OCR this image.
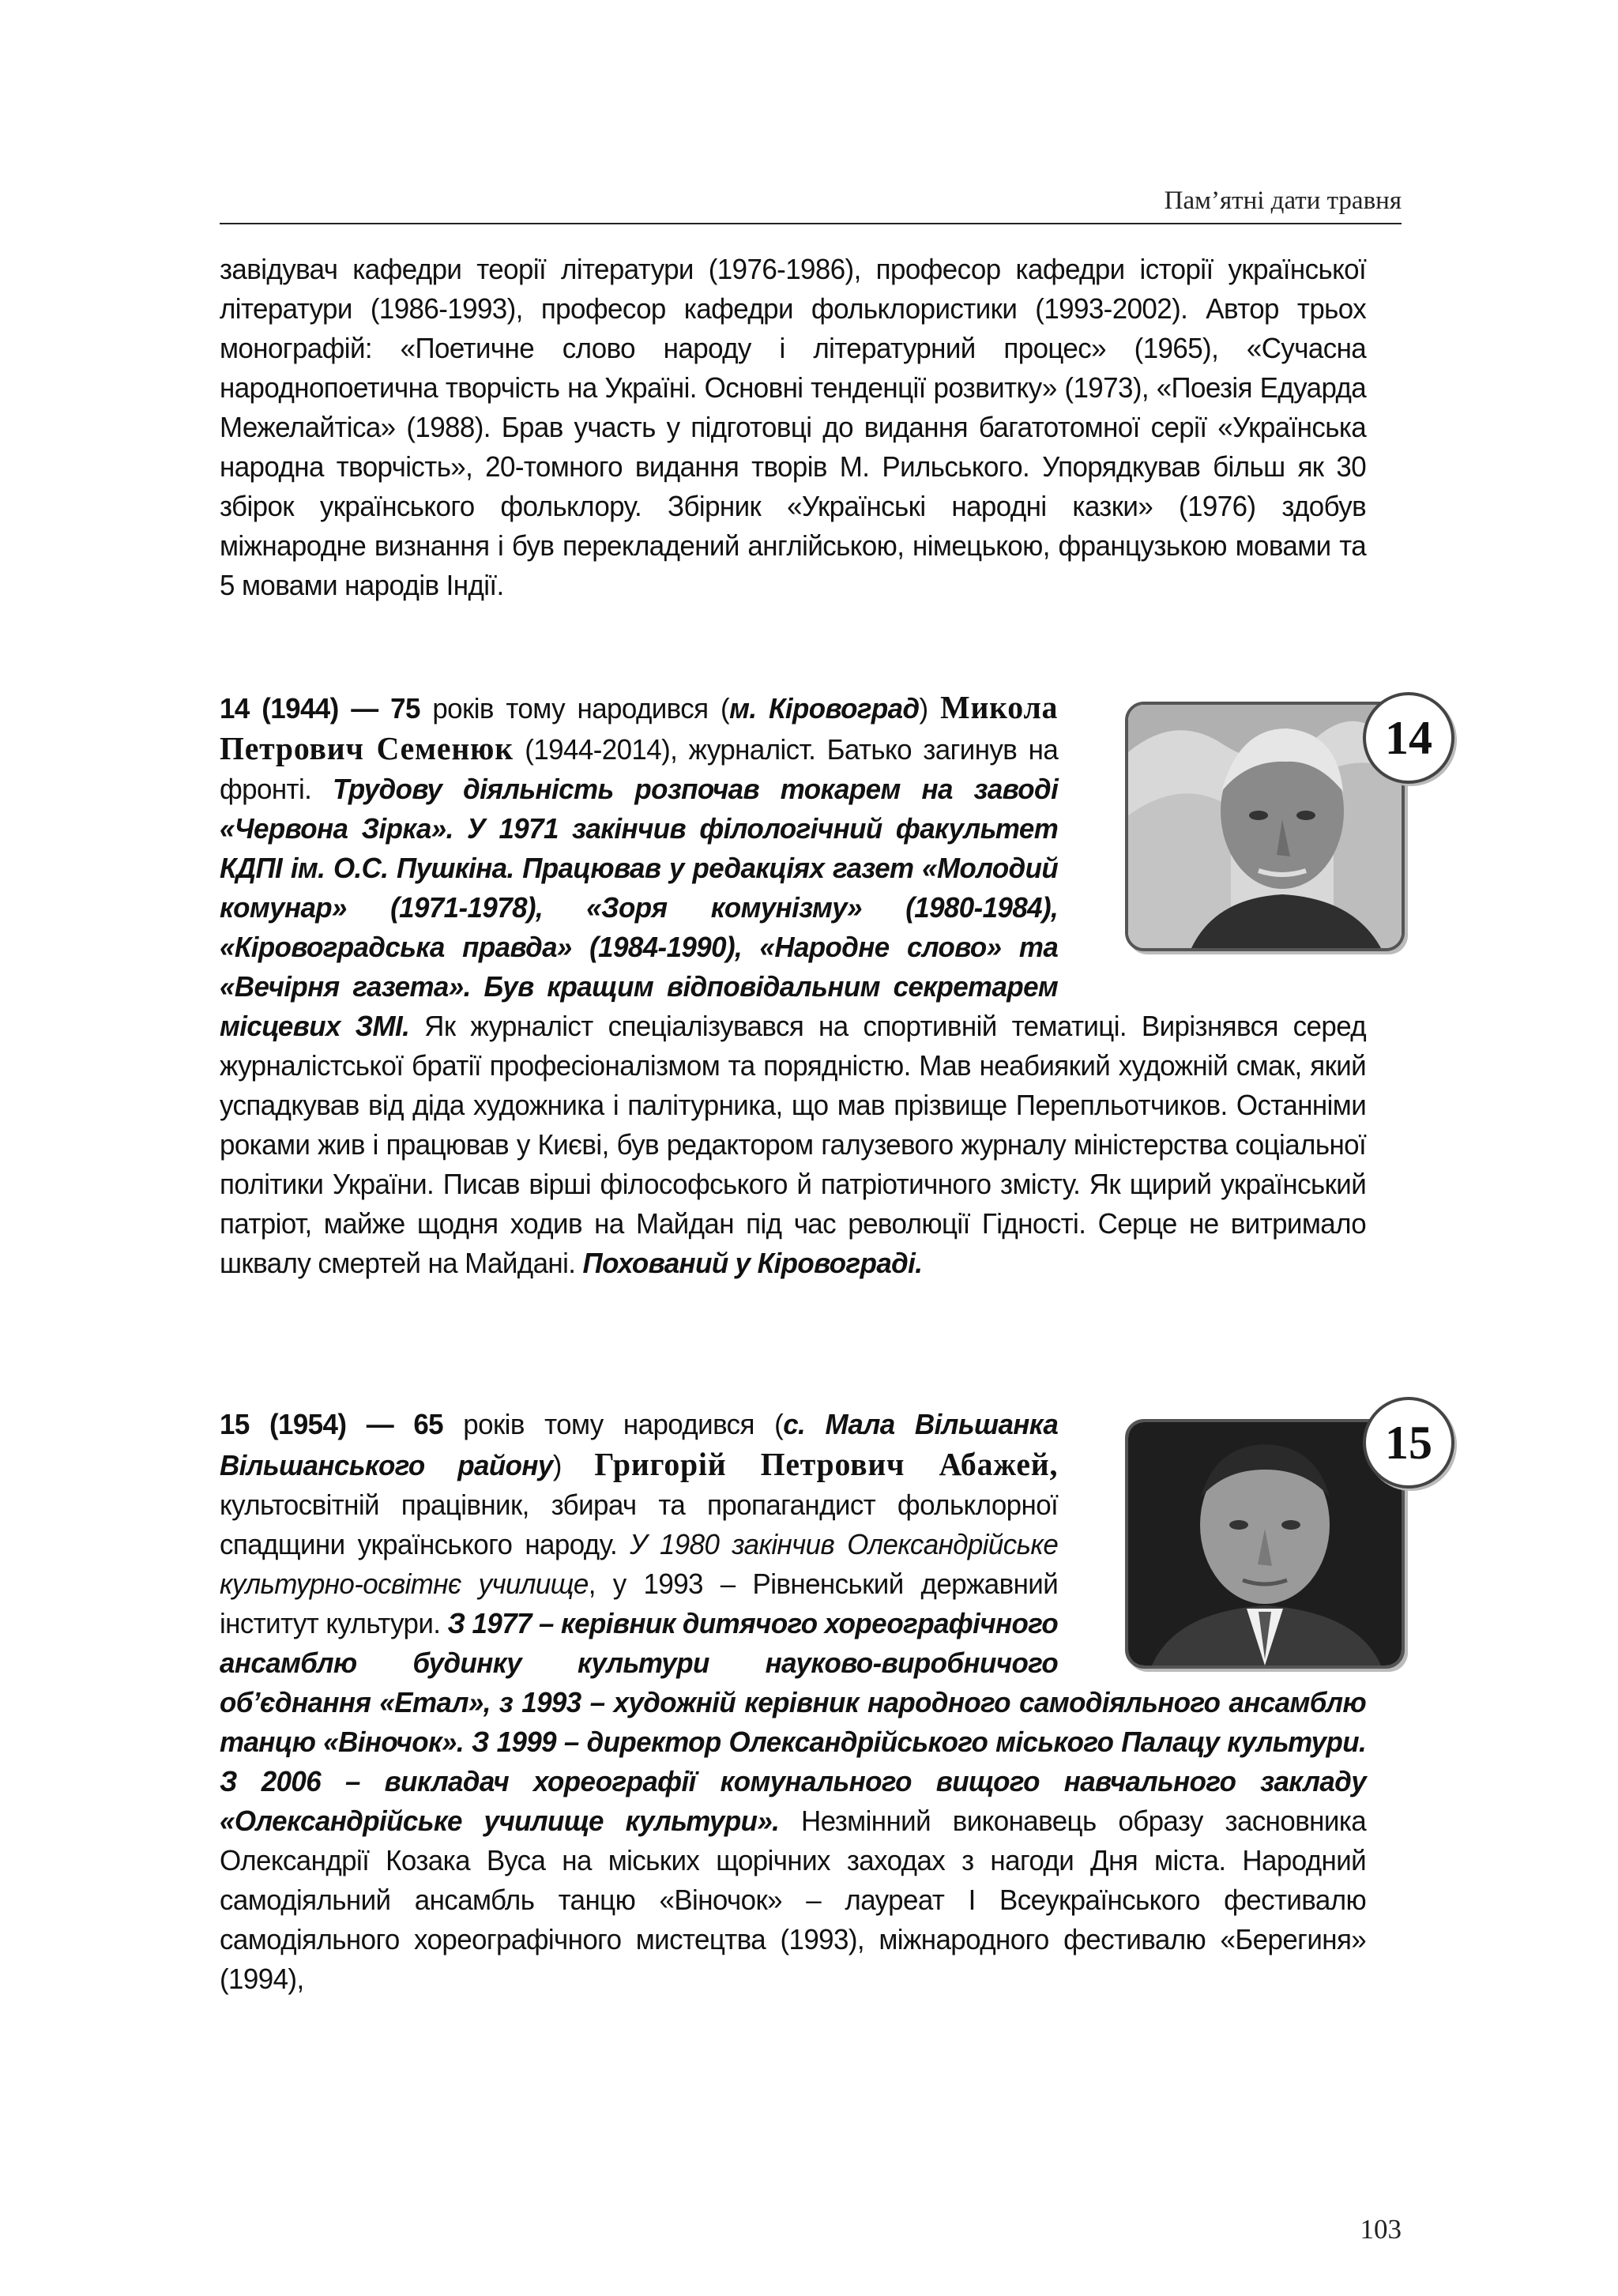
Пам’ятні дати травня
завідувач кафедри теорії літератури (1976-1986), професор кафедри історії української літератури (1986-1993), професор кафедри фольклористики (1993-2002). Автор трьох монографій: «Поетичне слово народу і літературний процес» (1965), «Сучасна народнопоетична творчість на Україні. Основні тенденції розвитку» (1973), «Поезія Едуарда Межелайтіса» (1988). Брав участь у підготовці до видання багатотомної серії «Українська народна творчість», 20-томного видання творів М. Рильського. Упорядкував більш як 30 збірок українського фольклору. Збірник «Українські народні казки» (1976) здобув міжнародне визнання і був перекладений англійською, німецькою, французькою мовами та 5 мовами народів Індії.
14
14 (1944) — 75 років тому народився (м. Кіровоград) Микола Петрович Семенюк (1944-2014), журналіст. Батько загинув на фронті. Трудову діяльність розпочав токарем на заводі «Червона Зірка». У 1971 закінчив філологічний факультет КДПІ ім. О.С. Пушкіна. Працював у редакціях газет «Молодий комунар» (1971-1978), «Зоря комунізму» (1980-1984), «Кіровоградська правда» (1984-1990), «Народне слово» та «Вечірня газета». Був кращим відповідальним секретарем місцевих ЗМІ. Як журналіст спеціалізувався на спортивній тематиці. Вирізнявся серед журналістської братії професіоналізмом та порядністю. Мав неабиякий художній смак, який успадкував від діда художника і палітурника, що мав прізвище Перепльотчиков. Останніми роками жив і працював у Києві, був редактором галузевого журналу міністерства соціальної політики України. Писав вірші філософського й патріотичного змісту. Як щирий український патріот, майже щодня ходив на Майдан під час революції Гідності. Серце не витримало шквалу смертей на Майдані. Похований у Кіровограді.
15
15 (1954) — 65 років тому народився (с. Мала Вільшанка Вільшанського району) Григорій Петрович Абажей, культосвітній працівник, збирач та пропагандист фольклорної спадщини українського народу. У 1980 закінчив Олександрійське культурно-освітнє училище, у 1993 – Рівненський державний інститут культури. З 1977 – керівник дитячого хореографічного ансамблю будинку культури науково-виробничого об’єднання «Етал», з 1993 – художній керівник народного самодіяльного ансамблю танцю «Віночок». З 1999 – директор Олександрійського міського Палацу культури. З 2006 – викладач хореографії комунального вищого навчального закладу «Олександрійське училище культури». Незмінний виконавець образу засновника Олександрії Козака Вуса на міських щорічних заходах з нагоди Дня міста. Народний самодіяльний ансамбль танцю «Віночок» – лауреат І Всеукраїнського фестивалю самодіяльного хореографічного мистецтва (1993), міжнародного фестивалю «Берегиня» (1994),
103
